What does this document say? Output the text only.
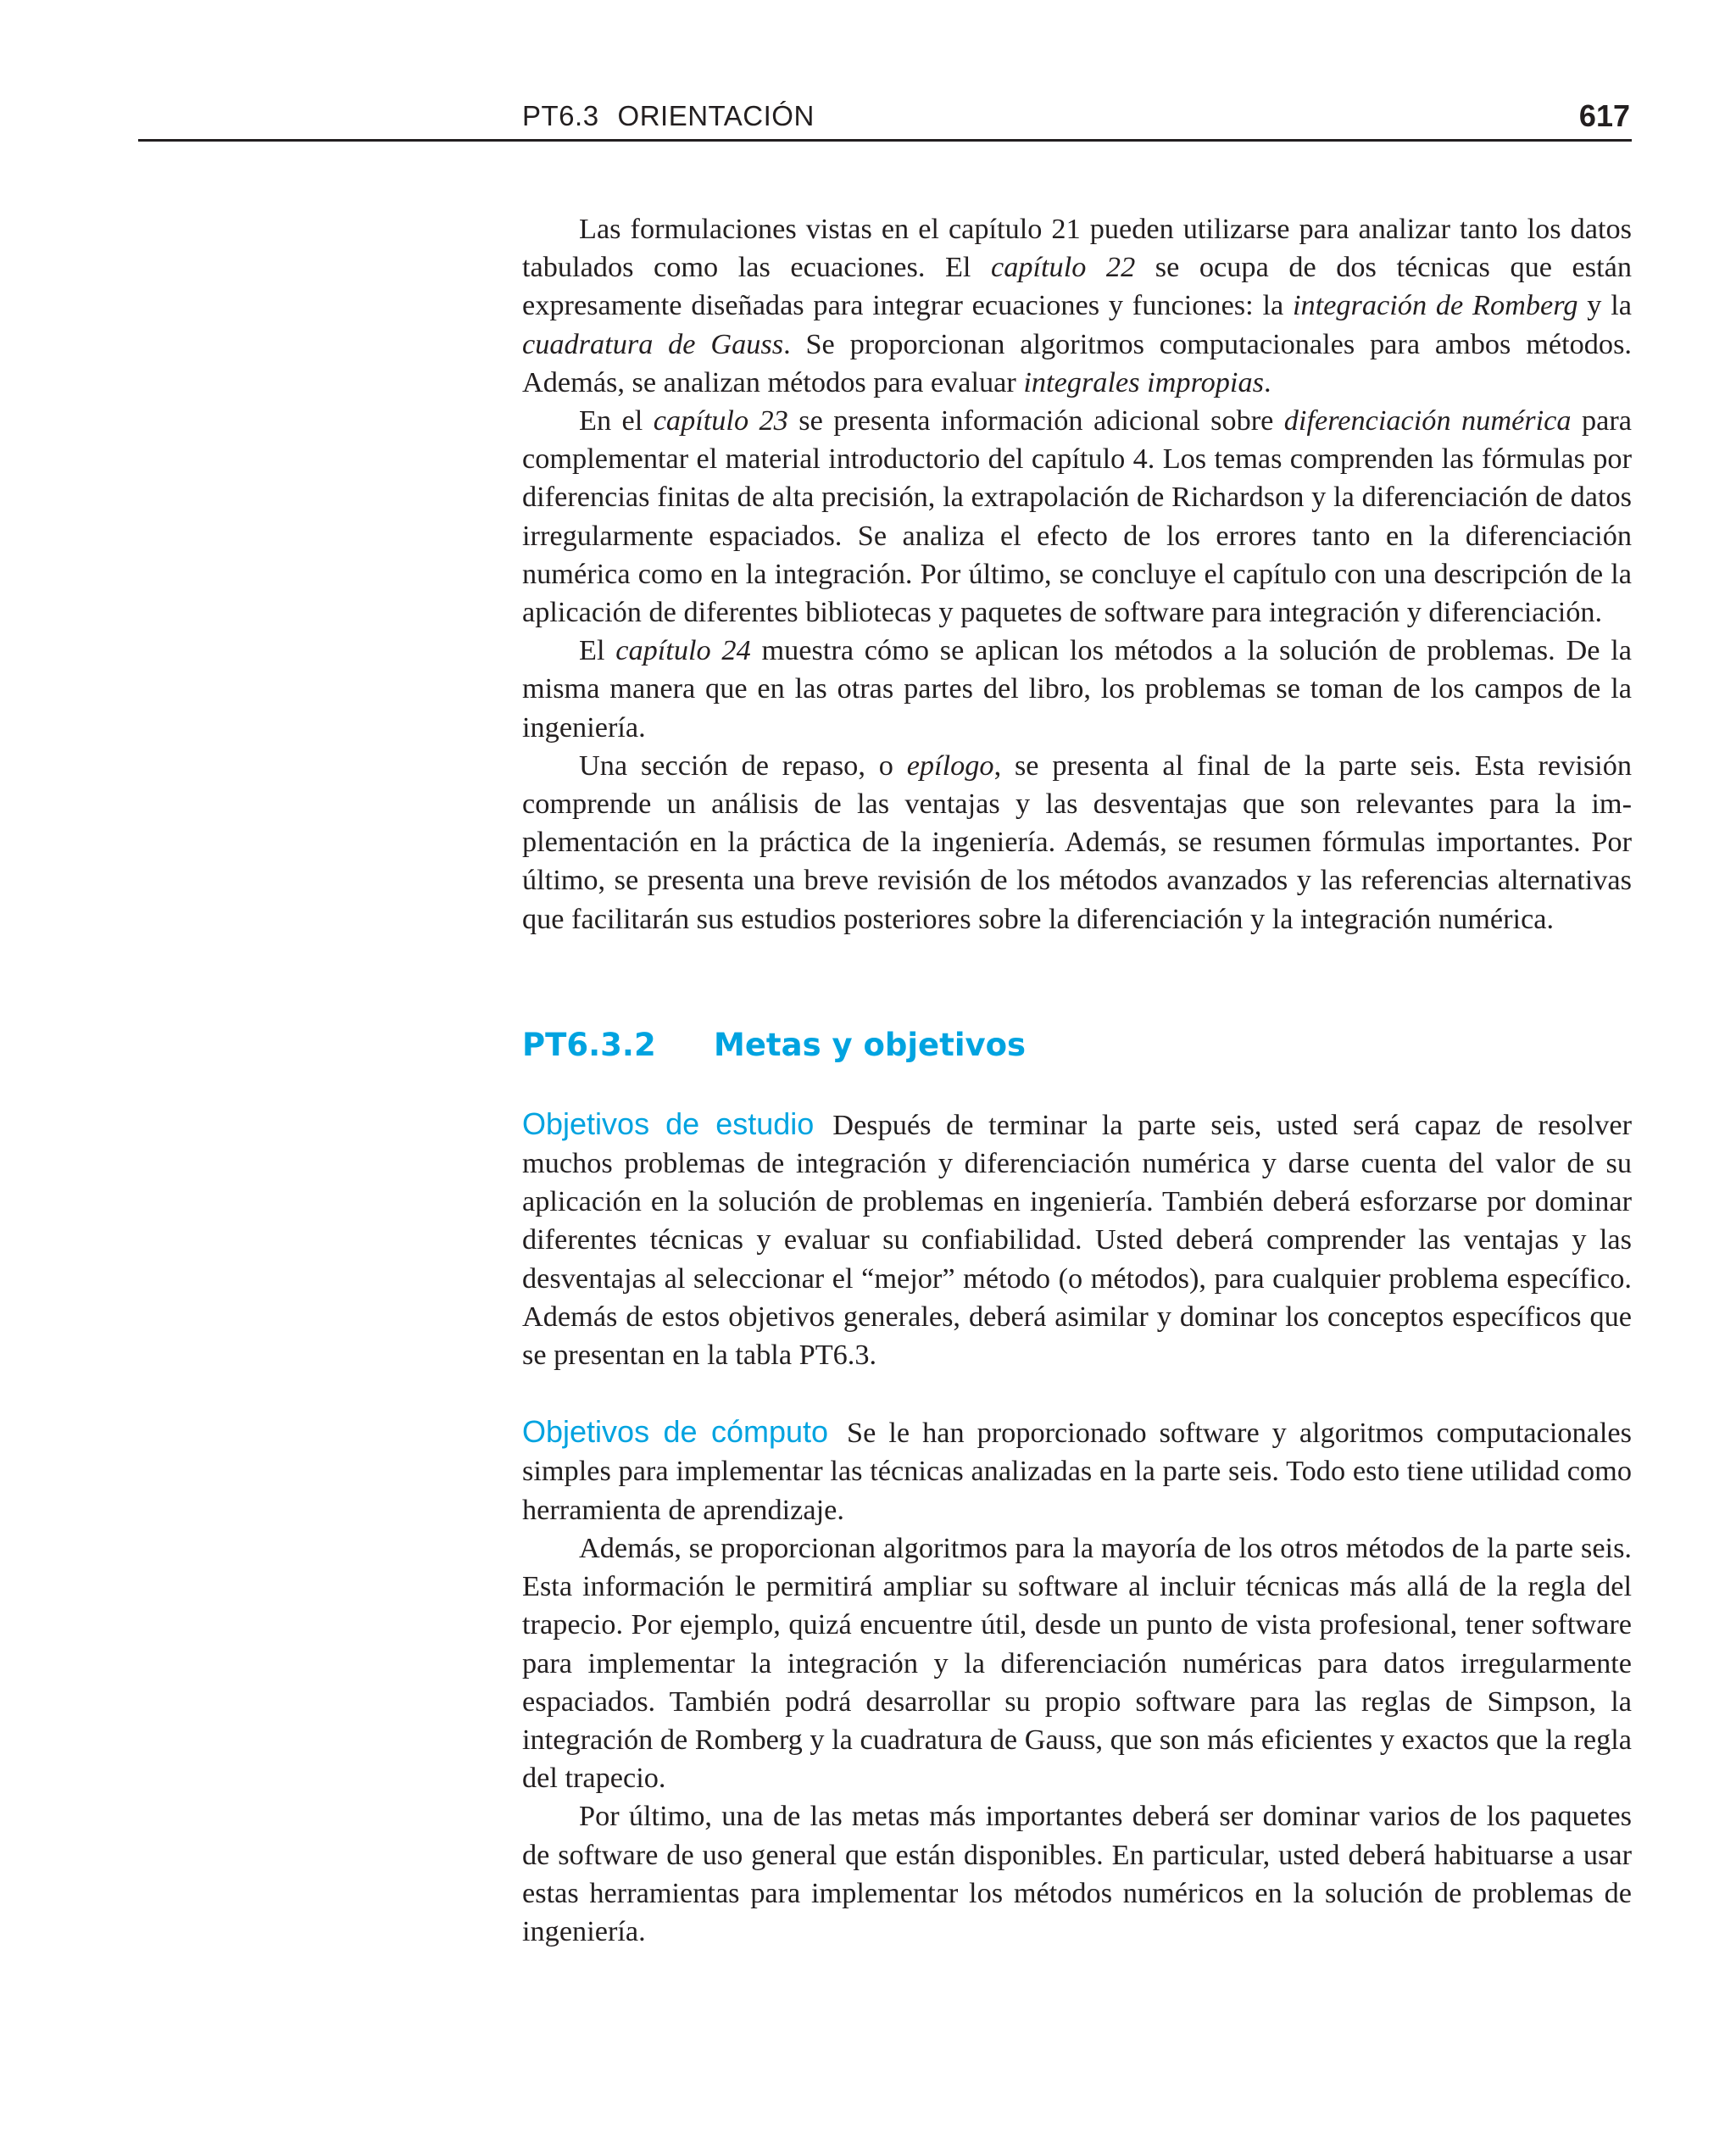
PT6.3 ORIENTACIÓN	617

Las formulaciones vistas en el capítulo 21 pueden utilizarse para analizar tanto los datos tabulados como las ecuaciones. El capítulo 22 se ocupa de dos técnicas que están expresamente diseñadas para integrar ecuaciones y funciones: la integración de Romberg y la cuadratura de Gauss. Se proporcionan algoritmos computacionales para ambos métodos. Además, se analizan métodos para evaluar integrales impropias.

En el capítulo 23 se presenta información adicional sobre diferenciación numérica para complementar el material introductorio del capítulo 4. Los temas comprenden las fórmulas por diferencias finitas de alta precisión, la extrapolación de Richardson y la diferenciación de datos irregularmente espaciados. Se analiza el efecto de los errores tanto en la diferenciación numérica como en la integración. Por último, se concluye el capítulo con una descripción de la aplicación de diferentes bibliotecas y paquetes de software para integración y diferenciación.

El capítulo 24 muestra cómo se aplican los métodos a la solución de problemas. De la misma manera que en las otras partes del libro, los problemas se toman de los campos de la ingeniería.

Una sección de repaso, o epílogo, se presenta al final de la parte seis. Esta revisión comprende un análisis de las ventajas y las desventajas que son relevantes para la implementación en la práctica de la ingeniería. Además, se resumen fórmulas importantes. Por último, se presenta una breve revisión de los métodos avanzados y las referencias alternativas que facilitarán sus estudios posteriores sobre la diferenciación y la integración numérica.

PT6.3.2 Metas y objetivos

Objetivos de estudio Después de terminar la parte seis, usted será capaz de resolver muchos problemas de integración y diferenciación numérica y darse cuenta del valor de su aplicación en la solución de problemas en ingeniería. También deberá esforzarse por dominar diferentes técnicas y evaluar su confiabilidad. Usted deberá comprender las ventajas y las desventajas al seleccionar el “mejor” método (o métodos), para cualquier problema específico. Además de estos objetivos generales, deberá asimilar y dominar los conceptos específicos que se presentan en la tabla PT6.3.

Objetivos de cómputo Se le han proporcionado software y algoritmos computacionales simples para implementar las técnicas analizadas en la parte seis. Todo esto tiene utilidad como herramienta de aprendizaje.

Además, se proporcionan algoritmos para la mayoría de los otros métodos de la parte seis. Esta información le permitirá ampliar su software al incluir técnicas más allá de la regla del trapecio. Por ejemplo, quizá encuentre útil, desde un punto de vista profesional, tener software para implementar la integración y la diferenciación numéricas para datos irregularmente espaciados. También podrá desarrollar su propio software para las reglas de Simpson, la integración de Romberg y la cuadratura de Gauss, que son más eficientes y exactos que la regla del trapecio.

Por último, una de las metas más importantes deberá ser dominar varios de los paquetes de software de uso general que están disponibles. En particular, usted deberá habituarse a usar estas herramientas para implementar los métodos numéricos en la solución de problemas de ingeniería.
